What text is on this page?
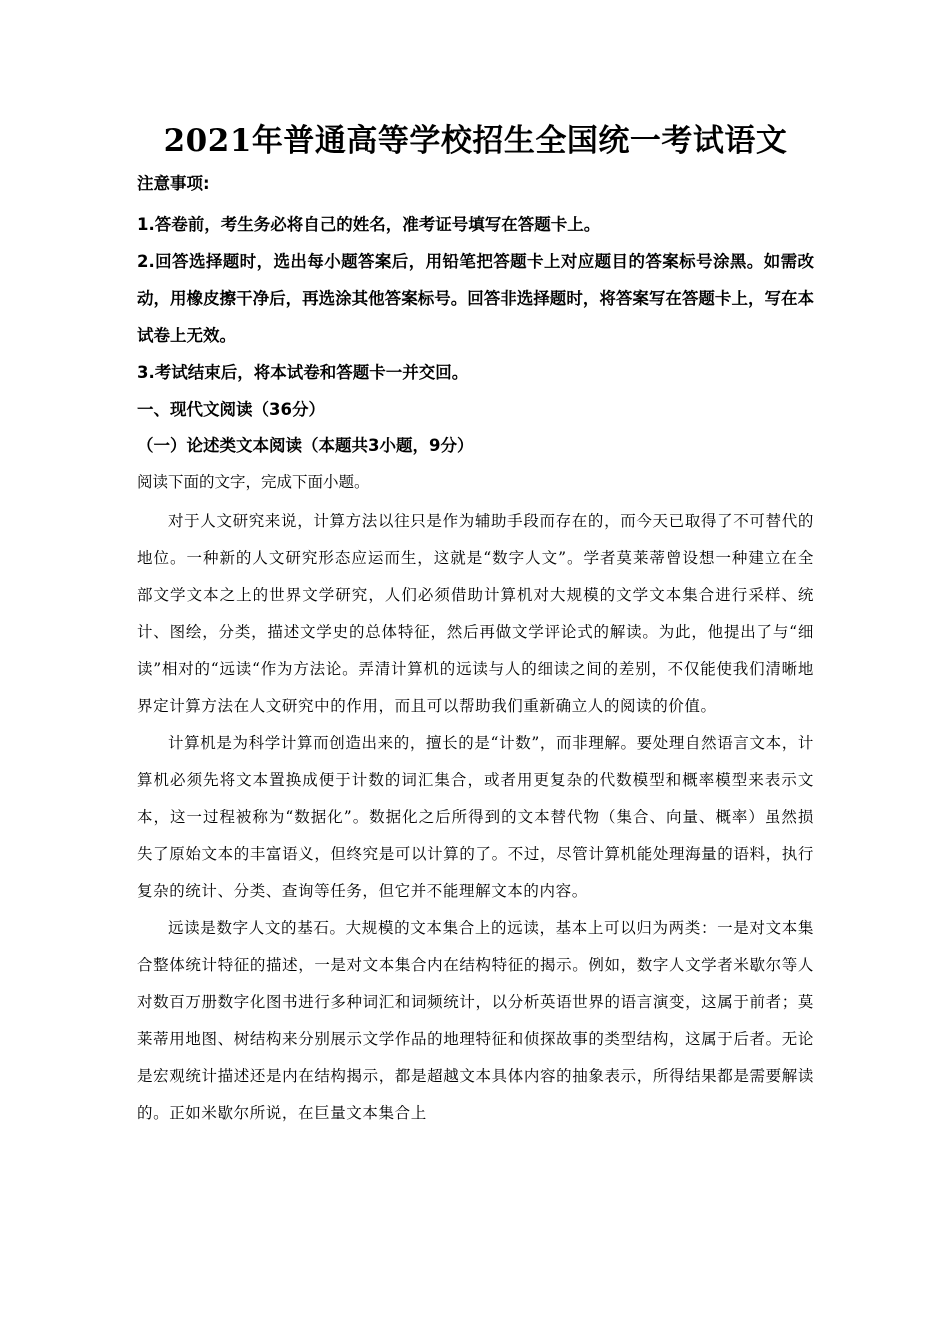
2021年普通高等学校招生全国统一考试语文

注意事项:

1.答卷前，考生务必将自己的姓名，准考证号填写在答题卡上。

2.回答选择题时，选出每小题答案后，用铅笔把答题卡上对应题目的答案标号涂黑。如需改动，用橡皮擦干净后，再选涂其他答案标号。回答非选择题时，将答案写在答题卡上，写在本试卷上无效。

3.考试结束后，将本试卷和答题卡一并交回。

一、现代文阅读（36分）

（一）论述类文本阅读（本题共3小题，9分）

阅读下面的文字，完成下面小题。

对于人文研究来说，计算方法以往只是作为辅助手段而存在的，而今天已取得了不可替代的地位。一种新的人文研究形态应运而生，这就是“数字人文”。学者莫莱蒂曾设想一种建立在全部文学文本之上的世界文学研究，人们必须借助计算机对大规模的文学文本集合进行采样、统计、图绘，分类，描述文学史的总体特征，然后再做文学评论式的解读。为此，他提出了与“细读”相对的“远读“作为方法论。弄清计算机的远读与人的细读之间的差别，不仅能使我们清晰地界定计算方法在人文研究中的作用，而且可以帮助我们重新确立人的阅读的价值。

计算机是为科学计算而创造出来的，擅长的是“计数”，而非理解。要处理自然语言文本，计算机必须先将文本置换成便于计数的词汇集合，或者用更复杂的代数模型和概率模型来表示文本，这一过程被称为“数据化”。数据化之后所得到的文本替代物（集合、向量、概率）虽然损失了原始文本的丰富语义，但终究是可以计算的了。不过，尽管计算机能处理海量的语料，执行复杂的统计、分类、查询等任务，但它并不能理解文本的内容。

远读是数字人文的基石。大规模的文本集合上的远读，基本上可以归为两类：一是对文本集合整体统计特征的描述，一是对文本集合内在结构特征的揭示。例如，数字人文学者米歇尔等人对数百万册数字化图书进行多种词汇和词频统计，以分析英语世界的语言演变，这属于前者；莫莱蒂用地图、树结构来分别展示文学作品的地理特征和侦探故事的类型结构，这属于后者。无论是宏观统计描述还是内在结构揭示，都是超越文本具体内容的抽象表示，所得结果都是需要解读的。正如米歇尔所说，在巨量文本集合上
